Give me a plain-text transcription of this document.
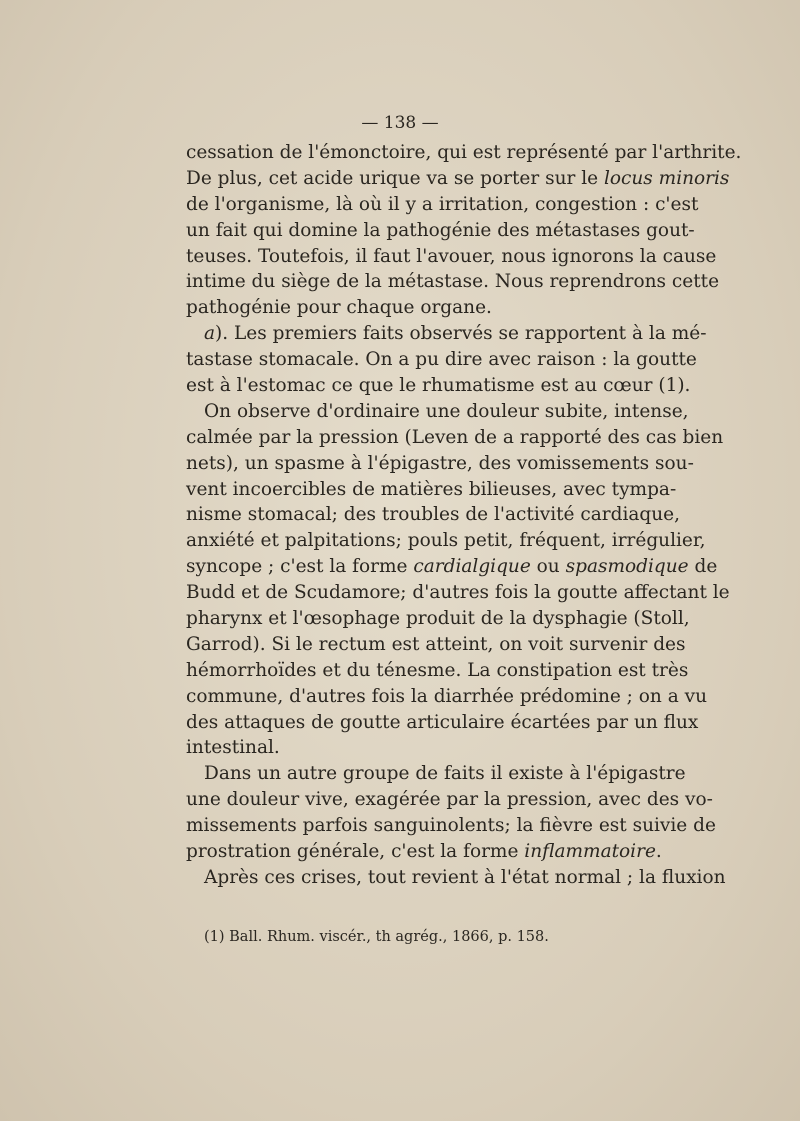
— 138 —
cessation de l'émonctoire, qui est représenté par l'arthrite.
De plus, cet acide urique va se porter sur le locus minoris
de l'organisme, là où il y a irritation, congestion : c'est
un fait qui domine la pathogénie des métastases gout-
teuses. Toutefois, il faut l'avouer, nous ignorons la cause
intime du siège de la métastase. Nous reprendrons cette
pathogénie pour chaque organe.
a). Les premiers faits observés se rapportent à la mé-
tastase stomacale. On a pu dire avec raison : la goutte
est à l'estomac ce que le rhumatisme est au cœur (1).
On observe d'ordinaire une douleur subite, intense,
calmée par la pression (Leven de a rapporté des cas bien
nets), un spasme à l'épigastre, des vomissements sou-
vent incoercibles de matières bilieuses, avec tympa-
nisme stomacal; des troubles de l'activité cardiaque,
anxiété et palpitations; pouls petit, fréquent, irrégulier,
syncope ; c'est la forme cardialgique ou spasmodique de
Budd et de Scudamore; d'autres fois la goutte affectant le
pharynx et l'œsophage produit de la dysphagie (Stoll,
Garrod). Si le rectum est atteint, on voit survenir des
hémorrhoïdes et du ténesme. La constipation est très
commune, d'autres fois la diarrhée prédomine ; on a vu
des attaques de goutte articulaire écartées par un flux
intestinal.
Dans un autre groupe de faits il existe à l'épigastre
une douleur vive, exagérée par la pression, avec des vo-
missements parfois sanguinolents; la fièvre est suivie de
prostration générale, c'est la forme inflammatoire.
Après ces crises, tout revient à l'état normal ; la fluxion
(1) Ball. Rhum. viscér., th agrég., 1866, p. 158.
